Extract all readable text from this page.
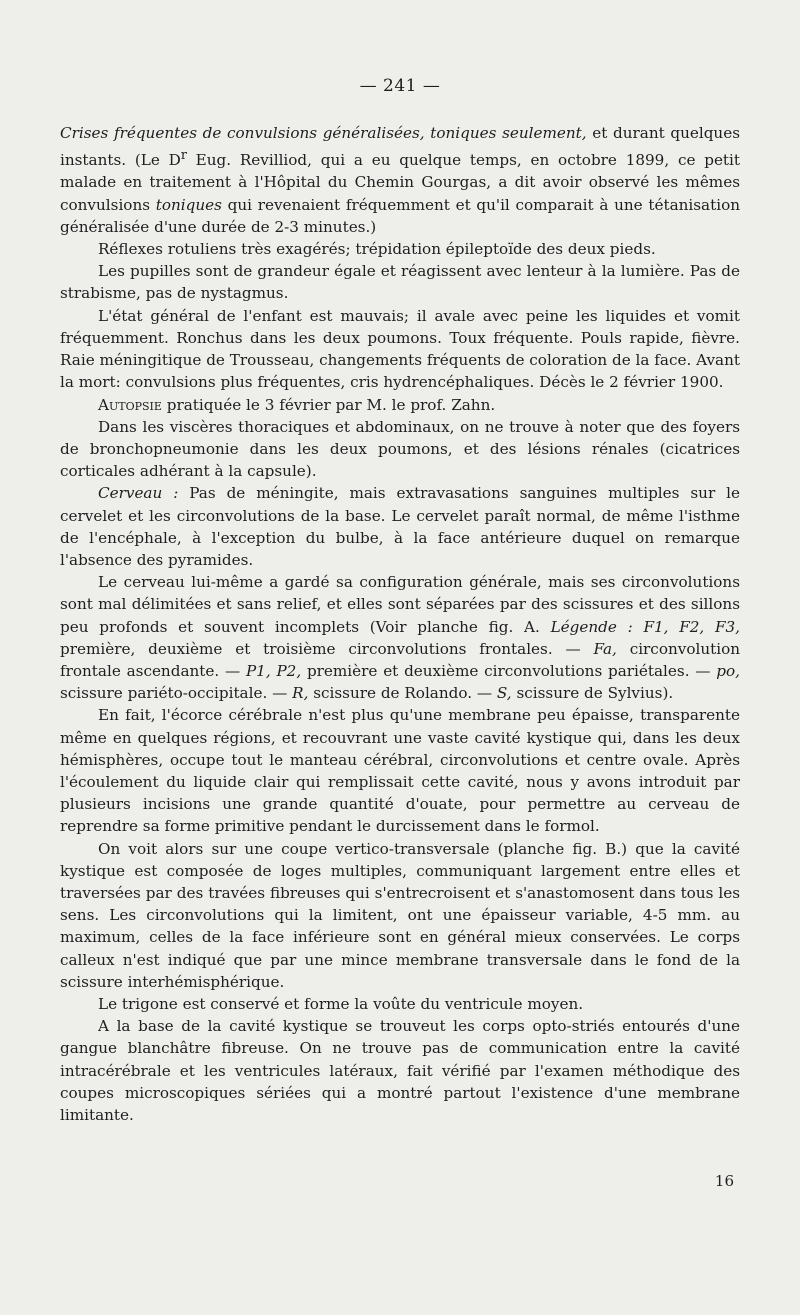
— 241 —

Crises fréquentes de convulsions généralisées, toniques seulement, et durant quelques instants. (Le $D^r$ Eug. Revilliod, qui a eu quelque temps, en octobre 1899, ce petit malade en traitement à l'Hôpital du Chemin Gourgas, a dit avoir observé les mêmes convulsions toniques qui revenaient fréquemment et qu'il comparait à une tétanisation généralisée d'une durée de 2-3 minutes.)

Réflexes rotuliens très exagérés; trépidation épileptoïde des deux pieds.

Les pupilles sont de grandeur égale et réagissent avec lenteur à la lumière. Pas de strabisme, pas de nystagmus.

L'état général de l'enfant est mauvais; il avale avec peine les liquides et vomit fréquemment. Ronchus dans les deux poumons. Toux fréquente. Pouls rapide, fièvre. Raie méningitique de Trousseau, changements fréquents de coloration de la face. Avant la mort: convulsions plus fréquentes, cris hydrencéphaliques. Décès le 2 février 1900.

Autopsie pratiquée le 3 février par M. le prof. Zahn.

Dans les viscères thoraciques et abdominaux, on ne trouve à noter que des foyers de bronchopneumonie dans les deux poumons, et des lésions rénales (cicatrices corticales adhérant à la capsule).

Cerveau : Pas de méningite, mais extravasations sanguines multiples sur le cervelet et les circonvolutions de la base. Le cervelet paraît normal, de même l'isthme de l'encéphale, à l'exception du bulbe, à la face antérieure duquel on remarque l'absence des pyramides.

Le cerveau lui-même a gardé sa configuration générale, mais ses circonvolutions sont mal délimitées et sans relief, et elles sont séparées par des scissures et des sillons peu profonds et souvent incomplets (Voir planche fig. A. Légende : F1, F2, F3, première, deuxième et troisième circonvolutions frontales. — Fa, circonvolution frontale ascendante. — P1, P2, première et deuxième circonvolutions pariétales. — po, scissure pariéto-occipitale. — R, scissure de Rolando. — S, scissure de Sylvius).

En fait, l'écorce cérébrale n'est plus qu'une membrane peu épaisse, transparente même en quelques régions, et recouvrant une vaste cavité kystique qui, dans les deux hémisphères, occupe tout le manteau cérébral, circonvolutions et centre ovale. Après l'écoulement du liquide clair qui remplissait cette cavité, nous y avons introduit par plusieurs incisions une grande quantité d'ouate, pour permettre au cerveau de reprendre sa forme primitive pendant le durcissement dans le formol.

On voit alors sur une coupe vertico-transversale (planche fig. B.) que la cavité kystique est composée de loges multiples, communiquant largement entre elles et traversées par des travées fibreuses qui s'entrecroisent et s'anastomosent dans tous les sens. Les circonvolutions qui la limitent, ont une épaisseur variable, 4-5 mm. au maximum, celles de la face inférieure sont en général mieux conservées. Le corps calleux n'est indiqué que par une mince membrane transversale dans le fond de la scissure interhémisphérique.

Le trigone est conservé et forme la voûte du ventricule moyen.

A la base de la cavité kystique se trouveut les corps opto-striés entourés d'une gangue blanchâtre fibreuse. On ne trouve pas de communication entre la cavité intracérébrale et les ventricules latéraux, fait vérifié par l'examen méthodique des coupes microscopiques sériées qui a montré partout l'existence d'une membrane limitante.

16
